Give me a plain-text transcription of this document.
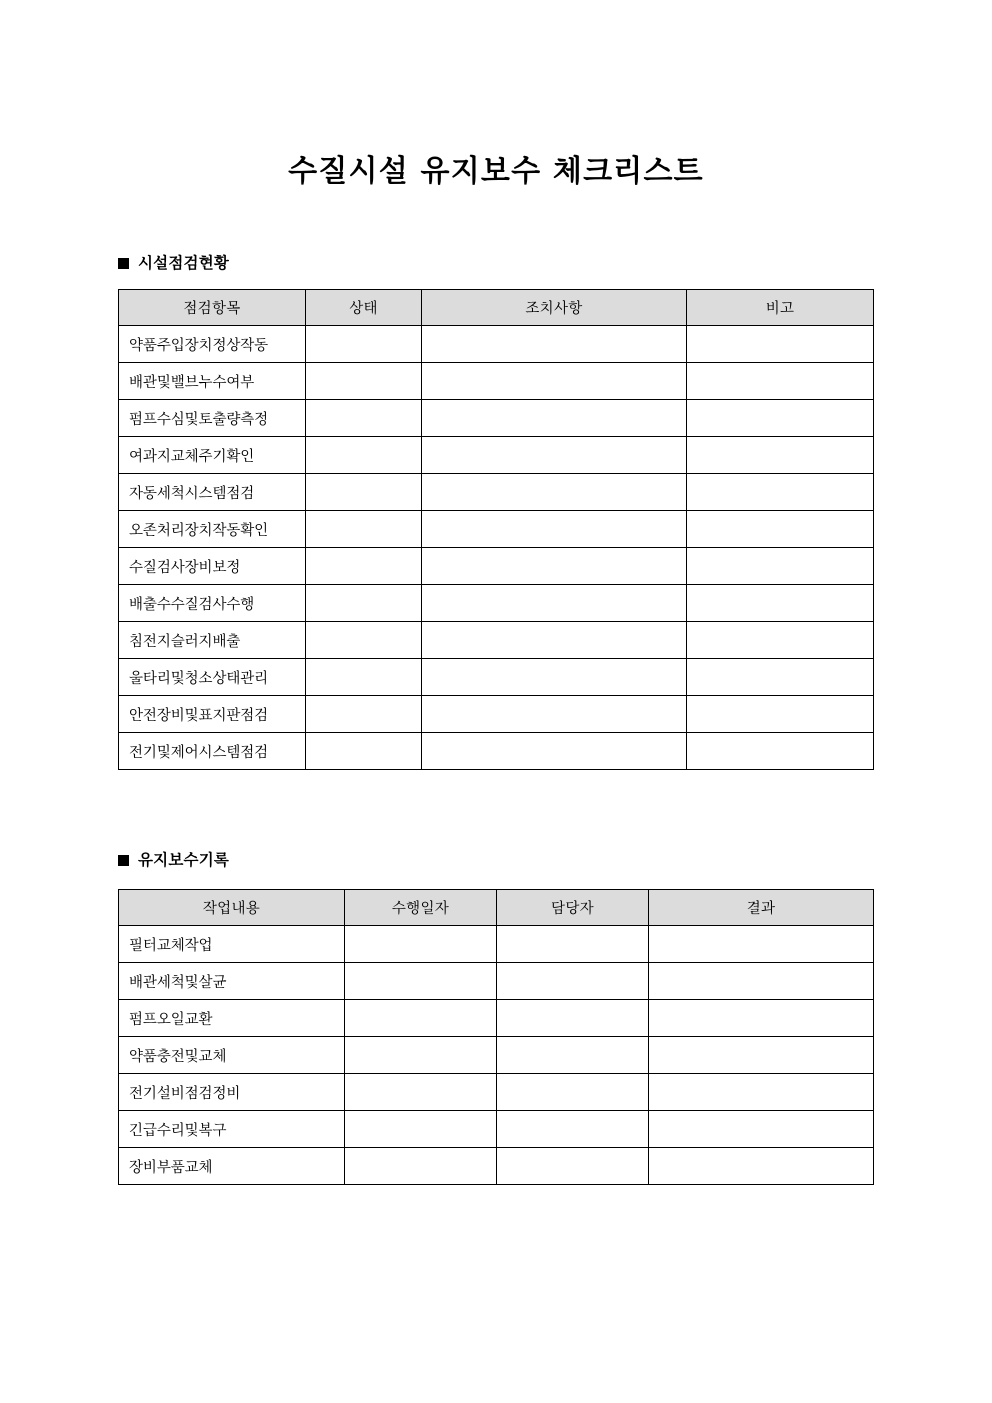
수질시설 유지보수 체크리스트
시설점검현황
점검항목	상태	조치사항	비고
약품주입장치정상작동			
배관및밸브누수여부			
펌프수심및토출량측정			
여과지교체주기확인			
자동세척시스템점검			
오존처리장치작동확인			
수질검사장비보정			
배출수수질검사수행			
침전지슬러지배출			
울타리및청소상태관리			
안전장비및표지판점검			
전기및제어시스템점검			
유지보수기록
작업내용	수행일자	담당자	결과
필터교체작업			
배관세척및살균			
펌프오일교환			
약품충전및교체			
전기설비점검정비			
긴급수리및복구			
장비부품교체			
